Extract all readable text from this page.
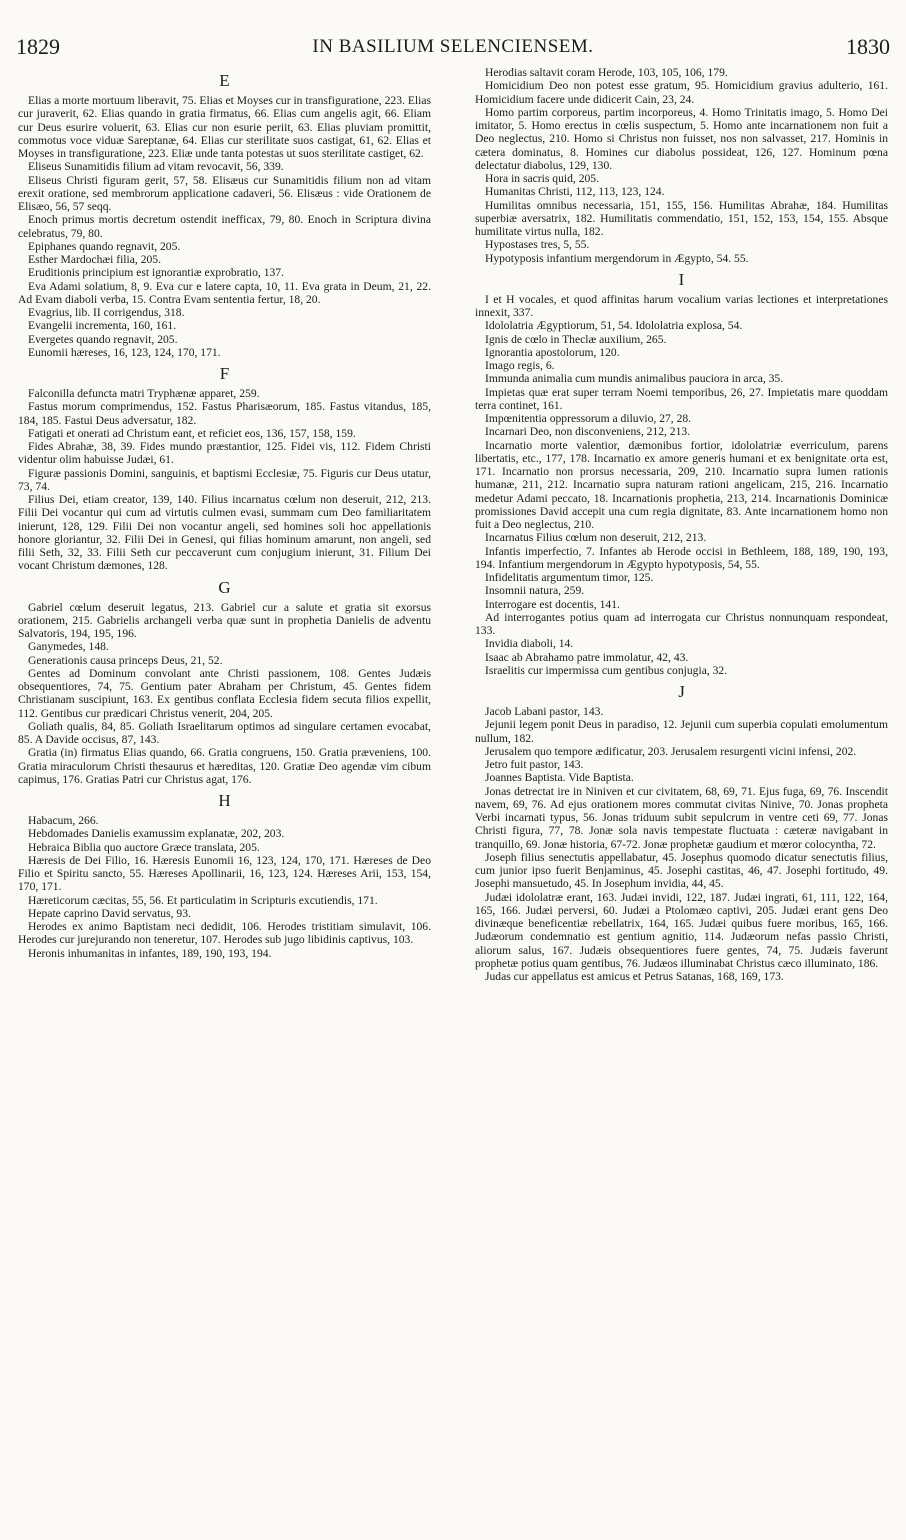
1829	IN BASILIUM SELENCIENSEM.	1830
E

Elias a morte mortuum liberavit, 75. Elias et Moyses cur in transfiguratione, 223. Elias cur juraverit, 62. Elias quando in gratia firmatus, 66. Elias cum angelis agit, 66. Eliam cur Deus esurire voluerit, 63. Elias cur non esurie periit, 63. Elias pluviam promittit, commotus voce viduæ Sareptanæ, 64. Elias cur sterilitate suos castigat, 61, 62. Elias et Moyses in transfiguratione, 223. Eliæ unde tanta potestas ut suos sterilitate castiget, 62.

Eliseus Sunamitidis filium ad vitam revocavit, 56, 339.

Eliseus Christi figuram gerit, 57, 58. Elisæus cur Sunamitidis filium non ad vitam erexit oratione, sed membrorum applicatione cadaveri, 56. Elisæus : vide Orationem de Elisæo, 56, 57 seqq.

Enoch primus mortis decretum ostendit inefficax, 79, 80. Enoch in Scriptura divina celebratus, 79, 80.

Epiphanes quando regnavit, 205.

Esther Mardochæi filia, 205.

Eruditionis principium est ignorantiæ exprobratio, 137.

Eva Adami solatium, 8, 9. Eva cur e latere capta, 10, 11. Eva grata in Deum, 21, 22. Ad Evam diaboli verba, 15. Contra Evam sententia fertur, 18, 20.

Evagrius, lib. II corrigendus, 318.

Evangelii incrementa, 160, 161.

Evergetes quando regnavit, 205.

Eunomii hæreses, 16, 123, 124, 170, 171.

F

Falconilla defuncta matri Tryphænæ apparet, 259.

Fastus morum comprimendus, 152. Fastus Pharisæorum, 185. Fastus vitandus, 185, 184, 185. Fastui Deus adversatur, 182.

Fatigati et onerati ad Christum eant, et reficiet eos, 136, 157, 158, 159.

Fides Abrahæ, 38, 39. Fides mundo præstantior, 125. Fidei vis, 112. Fidem Christi videntur olim habuisse Judæi, 61.

Figuræ passionis Domini, sanguinis, et baptismi Ecclesiæ, 75. Figuris cur Deus utatur, 73, 74.

Filius Dei, etiam creator, 139, 140. Filius incarnatus cœlum non deseruit, 212, 213. Filii Dei vocantur qui cum ad virtutis culmen evasi, summam cum Deo familiaritatem inierunt, 128, 129. Filii Dei non vocantur angeli, sed homines soli hoc appellationis honore gloriantur, 32. Filii Dei in Genesi, qui filias hominum amarunt, non angeli, sed filii Seth, 32, 33. Filii Seth cur peccaverunt cum conjugium inierunt, 31. Filium Dei vocant Christum dæmones, 128.

G

Gabriel cœlum deseruit legatus, 213. Gabriel cur a salute et gratia sit exorsus orationem, 215. Gabrielis archangeli verba quæ sunt in prophetia Danielis de adventu Salvatoris, 194, 195, 196.

Ganymedes, 148.

Generationis causa princeps Deus, 21, 52.

Gentes ad Dominum convolant ante Christi passionem, 108. Gentes Judæis obsequentiores, 74, 75. Gentium pater Abraham per Christum, 45. Gentes fidem Christianam suscipiunt, 163. Ex gentibus conflata Ecclesia fidem secuta filios expellit, 112. Gentibus cur prædicari Christus venerit, 204, 205.

Goliath qualis, 84, 85. Goliath Israelitarum optimos ad singulare certamen evocabat, 85. A Davide occisus, 87, 143.

Gratia (in) firmatus Elias quando, 66. Gratia congruens, 150. Gratia præveniens, 100. Gratia miraculorum Christi thesaurus et hæreditas, 120. Gratiæ Deo agendæ vim cibum capimus, 176. Gratias Patri cur Christus agat, 176.

H

Habacum, 266.

Hebdomades Danielis examussim explanatæ, 202, 203.

Hebraica Biblia quo auctore Græce translata, 205.

Hæresis de Dei Filio, 16. Hæresis Eunomii 16, 123, 124, 170, 171. Hæreses de Deo Filio et Spiritu sancto, 55. Hæreses Apollinarii, 16, 123, 124. Hæreses Arii, 153, 154, 170, 171.

Hæreticorum cæcitas, 55, 56. Et particulatim in Scripturis excutiendis, 171.

Hepate caprino David servatus, 93.

Herodes ex animo Baptistam neci dedidit, 106. Herodes tristitiam simulavit, 106. Herodes cur jurejurando non teneretur, 107. Herodes sub jugo libidinis captivus, 103.

Heronis inhumanitas in infantes, 189, 190, 193, 194.

Herodias saltavit coram Herode, 103, 105, 106, 179.

Homicidium Deo non potest esse gratum, 95. Homicidium gravius adulterio, 161. Homicidium facere unde didicerit Cain, 23, 24.

Homo partim corporeus, partim incorporeus, 4. Homo Trinitatis imago, 5. Homo Dei imitator, 5. Homo erectus in cœlis suspectum, 5. Homo ante incarnationem non fuit a Deo neglectus, 210. Homo si Christus non fuisset, nos non salvasset, 217. Hominis in cætera dominatus, 8. Homines cur diabolus possideat, 126, 127. Hominum pœna delectatur diabolus, 129, 130.

Hora in sacris quid, 205.

Humanitas Christi, 112, 113, 123, 124.

Humilitas omnibus necessaria, 151, 155, 156. Humilitas Abrahæ, 184. Humilitas superbiæ aversatrix, 182. Humilitatis commendatio, 151, 152, 153, 154, 155. Absque humilitate virtus nulla, 182.

Hypostases tres, 5, 55.

Hypotyposis infantium mergendorum in Ægypto, 54. 55.

I

I et H vocales, et quod affinitas harum vocalium varias lectiones et interpretationes innexit, 337.

Idololatria Ægyptiorum, 51, 54. Idololatria explosa, 54.

Ignis de cœlo in Theclæ auxilium, 265.

Ignorantia apostolorum, 120.

Imago regis, 6.

Immunda animalia cum mundis animalibus pauciora in arca, 35.

Impietas quæ erat super terram Noemi temporibus, 26, 27. Impietatis mare quoddam terra continet, 161.

Impœnitentia oppressorum a diluvio, 27, 28.

Incarnari Deo, non disconveniens, 212, 213.

Incarnatio morte valentior, dæmonibus fortior, idololatriæ everriculum, parens libertatis, etc., 177, 178. Incarnatio ex amore generis humani et ex benignitate orta est, 171. Incarnatio non prorsus necessaria, 209, 210. Incarnatio supra lumen rationis humanæ, 211, 212. Incarnatio supra naturam rationi angelicam, 215, 216. Incarnatio medetur Adami peccato, 18. Incarnationis prophetia, 213, 214. Incarnationis Dominicæ promissiones David accepit una cum regia dignitate, 83. Ante incarnationem homo non fuit a Deo neglectus, 210.

Incarnatus Filius cœlum non deseruit, 212, 213.

Infantis imperfectio, 7. Infantes ab Herode occisi in Bethleem, 188, 189, 190, 193, 194. Infantium mergendorum in Ægypto hypotyposis, 54, 55.

Infidelitatis argumentum timor, 125.

Insomnii natura, 259.

Interrogare est docentis, 141.

Ad interrogantes potius quam ad interrogata cur Christus nonnunquam respondeat, 133.

Invidia diaboli, 14.

Isaac ab Abrahamo patre immolatur, 42, 43.

Israelitis cur impermissa cum gentibus conjugia, 32.

J

Jacob Labani pastor, 143.

Jejunii legem ponit Deus in paradiso, 12. Jejunii cum superbia copulati emolumentum nullum, 182.

Jerusalem quo tempore ædificatur, 203. Jerusalem resurgenti vicini infensi, 202.

Jetro fuit pastor, 143.

Joannes Baptista. Vide Baptista.

Jonas detrectat ire in Niniven et cur civitatem, 68, 69, 71. Ejus fuga, 69, 76. Inscendit navem, 69, 76. Ad ejus orationem mores commutat civitas Ninive, 70. Jonas propheta Verbi incarnati typus, 56. Jonas triduum subit sepulcrum in ventre ceti 69, 77. Jonas Christi figura, 77, 78. Jonæ sola navis tempestate fluctuata : cæteræ navigabant in tranquillo, 69. Jonæ historia, 67-72. Jonæ prophetæ gaudium et mœror colocyntha, 72.

Joseph filius senectutis appellabatur, 45. Josephus quomodo dicatur senectutis filius, cum junior ipso fuerit Benjaminus, 45. Josephi castitas, 46, 47. Josephi fortitudo, 49. Josephi mansuetudo, 45. In Josephum invidia, 44, 45.

Judæi idololatræ erant, 163. Judæi invidi, 122, 187. Judæi ingrati, 61, 111, 122, 164, 165, 166. Judæi perversi, 60. Judæi a Ptolomæo captivi, 205. Judæi erant gens Deo divinæque beneficentiæ rebellatrix, 164, 165. Judæi quibus fuere moribus, 165, 166. Judæorum condemnatio est gentium agnitio, 114. Judæorum nefas passio Christi, aliorum salus, 167. Judæis obsequentiores fuere gentes, 74, 75. Judæis faverunt prophetæ potius quam gentibus, 76. Judæos illuminabat Christus cæco illuminato, 186.

Judas cur appellatus est amicus et Petrus Satanas, 168, 169, 173.
